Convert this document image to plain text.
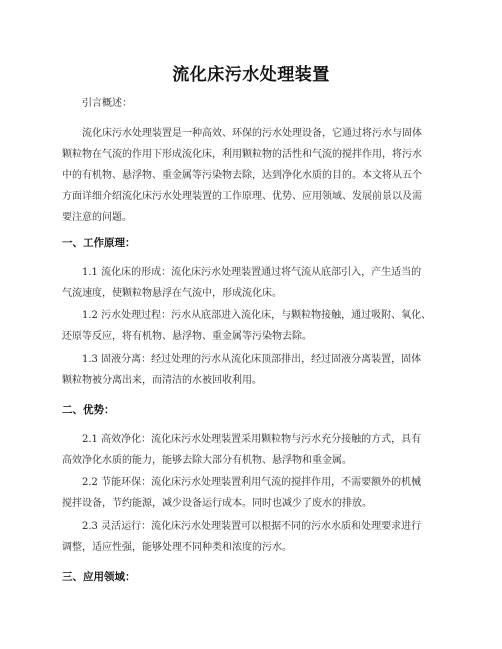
流化床污水处理装置
引言概述：
流化床污水处理装置是一种高效、环保的污水处理设备，它通过将污水与固体
颗粒物在气流的作用下形成流化床，利用颗粒物的活性和气流的搅拌作用，将污水
中的有机物、悬浮物、重金属等污染物去除，达到净化水质的目的。本文将从五个
方面详细介绍流化床污水处理装置的工作原理、优势、应用领域、发展前景以及需
要注意的问题。
一、工作原理：
1.1 流化床的形成：流化床污水处理装置通过将气流从底部引入，产生适当的
气流速度，使颗粒物悬浮在气流中，形成流化床。
1.2 污水处理过程：污水从底部进入流化床，与颗粒物接触，通过吸附、氧化、
还原等反应，将有机物、悬浮物、重金属等污染物去除。
1.3 固液分离：经过处理的污水从流化床顶部排出，经过固液分离装置，固体
颗粒物被分离出来，而清洁的水被回收利用。
二、优势：
2.1 高效净化：流化床污水处理装置采用颗粒物与污水充分接触的方式，具有
高效净化水质的能力，能够去除大部分有机物、悬浮物和重金属。
2.2 节能环保：流化床污水处理装置利用气流的搅拌作用，不需要额外的机械
搅拌设备，节约能源，减少设备运行成本。同时也减少了废水的排放。
2.3 灵活运行：流化床污水处理装置可以根据不同的污水水质和处理要求进行
调整，适应性强，能够处理不同种类和浓度的污水。
三、应用领域：
